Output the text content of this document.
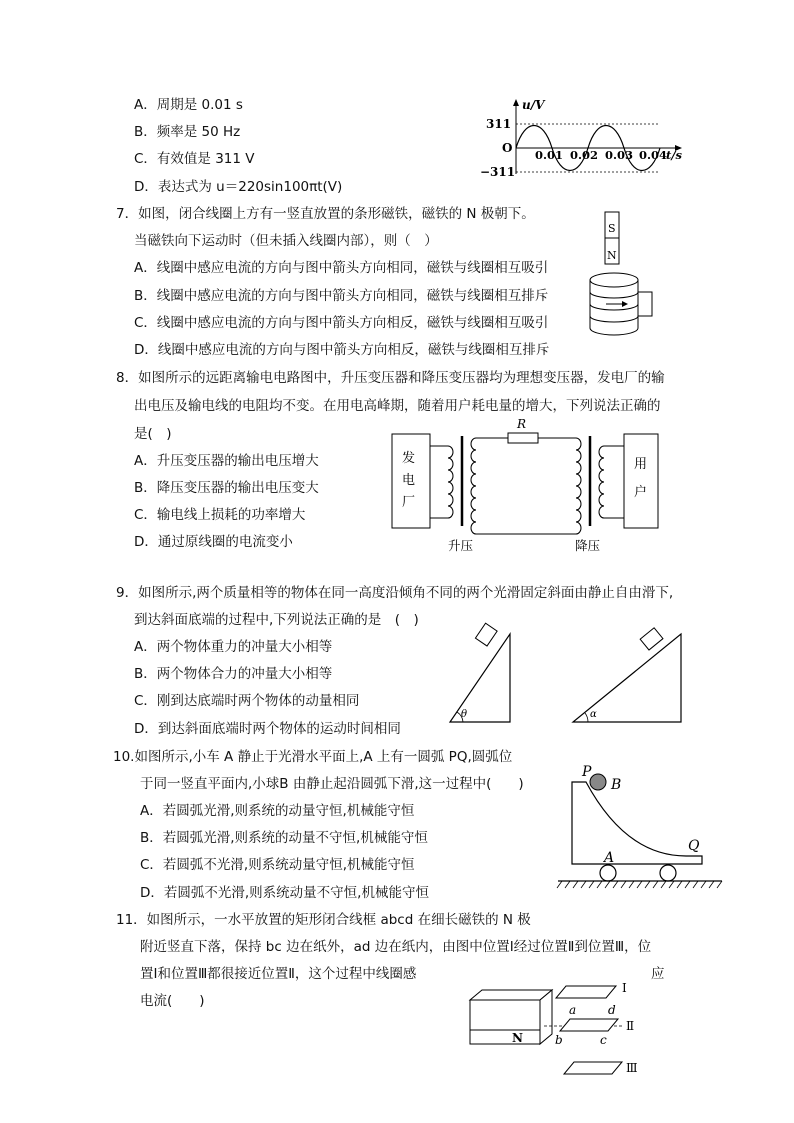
A．周期是 0.01 s
B．频率是 50 Hz
C．有效值是 311 V
D．表达式为 u＝220sin100πt(V)
u/V
311
−311
O 0.01 0.02 0.03 0.04
t/s
7．如图，闭合线圈上方有一竖直放置的条形磁铁，磁铁的 N 极朝下。
当磁铁向下运动时（但未插入线圈内部），则（　）
A．线圈中感应电流的方向与图中箭头方向相同，磁铁与线圈相互吸引
B．线圈中感应电流的方向与图中箭头方向相同，磁铁与线圈相互排斥
C．线圈中感应电流的方向与图中箭头方向相反，磁铁与线圈相互吸引
D．线圈中感应电流的方向与图中箭头方向相反，磁铁与线圈相互排斥
S
N
8．如图所示的远距离输电电路图中，升压变压器和降压变压器均为理想变压器，发电厂的输
出电压及输电线的电阻均不变。在用电高峰期，随着用户耗电量的增大，下列说法正确的
是(　)
A．升压变压器的输出电压增大
B．降压变压器的输出电压变大
C．输电线上损耗的功率增大
D．通过原线圈的电流变小
发
电
厂
R
用
户
升压	降压
9．如图所示,两个质量相等的物体在同一高度沿倾角不同的两个光滑固定斜面由静止自由滑下,
到达斜面底端的过程中,下列说法正确的是　(　)
A．两个物体重力的冲量大小相等
B．两个物体合力的冲量大小相等
C．刚到达底端时两个物体的动量相同
D．到达斜面底端时两个物体的运动时间相同
θ	α
10.如图所示,小车 A 静止于光滑水平面上,A 上有一圆弧 PQ,圆弧位
于同一竖直平面内,小球B 由静止起沿圆弧下滑,这一过程中(　　)
A．若圆弧光滑,则系统的动量守恒,机械能守恒
B．若圆弧光滑,则系统的动量不守恒,机械能守恒
C．若圆弧不光滑,则系统动量守恒,机械能守恒
D．若圆弧不光滑,则系统动量不守恒,机械能守恒
P
B
A
Q
11．如图所示，一水平放置的矩形闭合线框 abcd 在细长磁铁的 N 极
附近竖直下落，保持 bc 边在纸外，ad 边在纸内，由图中位置Ⅰ经过位置Ⅱ到位置Ⅲ，位
置Ⅰ和位置Ⅲ都很接近位置Ⅱ，这个过程中线圈感	应
电流(　　)
N
Ⅰ
Ⅱ
Ⅲ
a	d
b	c
